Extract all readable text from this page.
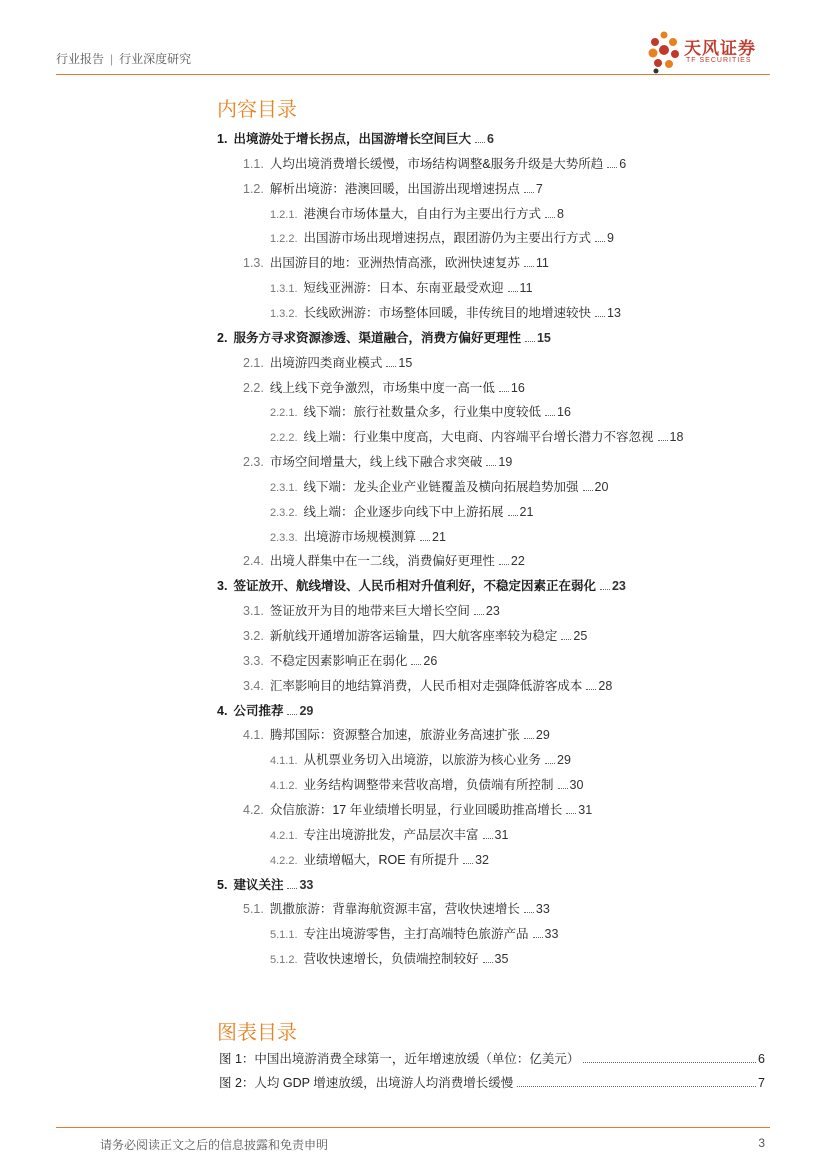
行业报告 | 行业深度研究
天风证券
TF SECURITIES
内容目录
1. 出境游处于增长拐点，出国游增长空间巨大 6
1.1. 人均出境消费增长缓慢，市场结构调整&服务升级是大势所趋 6
1.2. 解析出境游：港澳回暖，出国游出现增速拐点 7
1.2.1. 港澳台市场体量大，自由行为主要出行方式 8
1.2.2. 出国游市场出现增速拐点，跟团游仍为主要出行方式 9
1.3. 出国游目的地：亚洲热情高涨，欧洲快速复苏 11
1.3.1. 短线亚洲游：日本、东南亚最受欢迎 11
1.3.2. 长线欧洲游：市场整体回暖，非传统目的地增速较快 13
2. 服务方寻求资源渗透、渠道融合，消费方偏好更理性 15
2.1. 出境游四类商业模式 15
2.2. 线上线下竞争激烈，市场集中度一高一低 16
2.2.1. 线下端：旅行社数量众多，行业集中度较低 16
2.2.2. 线上端：行业集中度高，大电商、内容端平台增长潜力不容忽视 18
2.3. 市场空间增量大，线上线下融合求突破 19
2.3.1. 线下端：龙头企业产业链覆盖及横向拓展趋势加强 20
2.3.2. 线上端：企业逐步向线下中上游拓展 21
2.3.3. 出境游市场规模测算 21
2.4. 出境人群集中在一二线，消费偏好更理性 22
3. 签证放开、航线增设、人民币相对升值利好，不稳定因素正在弱化 23
3.1. 签证放开为目的地带来巨大增长空间 23
3.2. 新航线开通增加游客运输量，四大航客座率较为稳定 25
3.3. 不稳定因素影响正在弱化 26
3.4. 汇率影响目的地结算消费，人民币相对走强降低游客成本 28
4. 公司推荐 29
4.1. 腾邦国际：资源整合加速，旅游业务高速扩张 29
4.1.1. 从机票业务切入出境游，以旅游为核心业务 29
4.1.2. 业务结构调整带来营收高增，负债端有所控制 30
4.2. 众信旅游：17 年业绩增长明显，行业回暖助推高增长 31
4.2.1. 专注出境游批发，产品层次丰富 31
4.2.2. 业绩增幅大，ROE 有所提升 32
5. 建议关注 33
5.1. 凯撒旅游：背靠海航资源丰富，营收快速增长 33
5.1.1. 专注出境游零售，主打高端特色旅游产品 33
5.1.2. 营收快速增长，负债端控制较好 35
图表目录
图 1：中国出境游消费全球第一，近年增速放缓（单位：亿美元）	6
图 2：人均 GDP 增速放缓，出境游人均消费增长缓慢	7
请务必阅读正文之后的信息披露和免责申明	3
